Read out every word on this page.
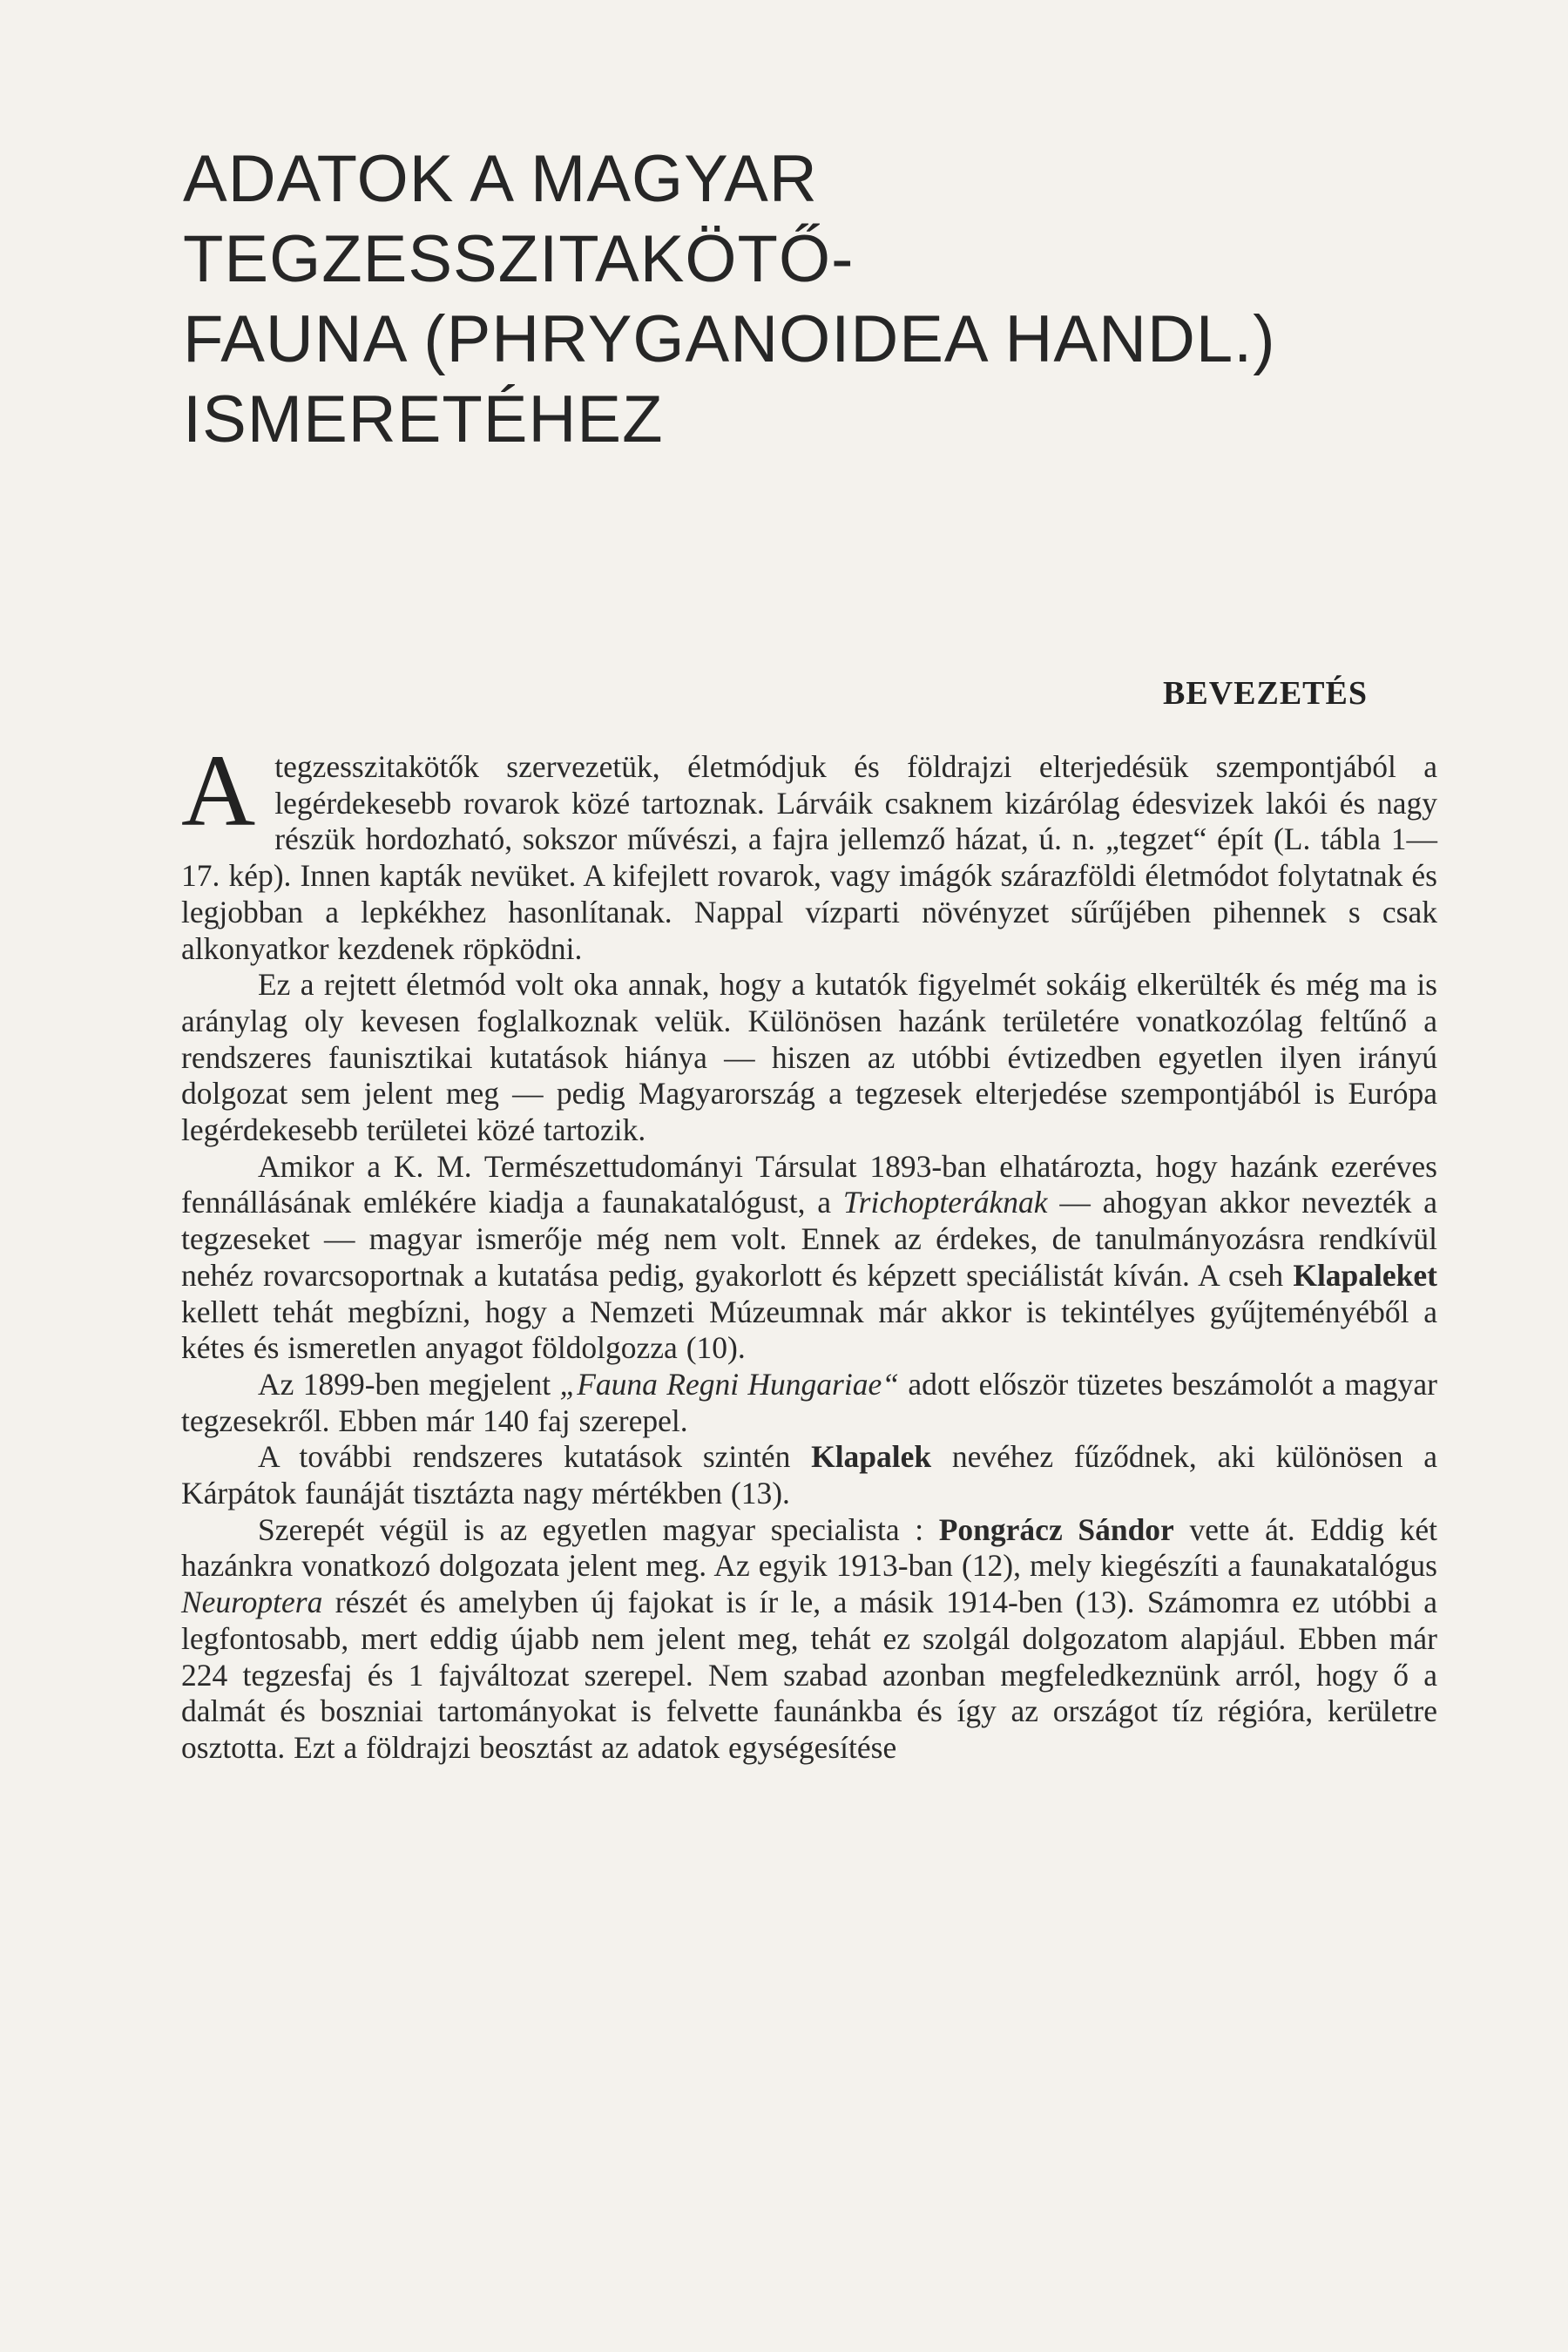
ADATOK A MAGYAR TEGZESSZITAKÖTŐ-
FAUNA (PHRYGANOIDEA HANDL.)
ISMERETÉHEZ
BEVEZETÉS

A tegzesszitakötők szervezetük, életmódjuk és földrajzi elterjedésük szempontjából a legérdekesebb rovarok közé tartoznak. Lárváik csaknem kizárólag édesvizek lakói és nagy részük hordozható, sokszor művészi, a fajra jellemző házat, ú. n. „tegzet“ épít (L. tábla 1—17. kép). Innen kapták nevüket. A kifejlett rovarok, vagy imágók szárazföldi életmódot folytatnak és legjobban a lepkékhez hasonlítanak. Nappal vízparti növényzet sűrűjében pihennek s csak alkonyatkor kezdenek röpködni.

Ez a rejtett életmód volt oka annak, hogy a kutatók figyelmét sokáig elkerülték és még ma is aránylag oly kevesen foglalkoznak velük. Különösen hazánk területére vonatkozólag feltűnő a rendszeres faunisztikai kutatások hiánya — hiszen az utóbbi évtizedben egyetlen ilyen irányú dolgozat sem jelent meg — pedig Magyarország a tegzesek elterjedése szempontjából is Európa legérdekesebb területei közé tartozik.

Amikor a K. M. Természettudományi Társulat 1893-ban elhatározta, hogy hazánk ezeréves fennállásának emlékére kiadja a faunakatalógust, a Trichopteráknak — ahogyan akkor nevezték a tegzeseket — magyar ismerője még nem volt. Ennek az érdekes, de tanulmányozásra rendkívül nehéz rovarcsoportnak a kutatása pedig, gyakorlott és képzett speciálistát kíván. A cseh Klapaleket kellett tehát megbízni, hogy a Nemzeti Múzeumnak már akkor is tekintélyes gyűjteményéből a kétes és ismeretlen anyagot földolgozza (10).

Az 1899-ben megjelent „Fauna Regni Hungariae“ adott először tüzetes beszámolót a magyar tegzesekről. Ebben már 140 faj szerepel.

A további rendszeres kutatások szintén Klapalek nevéhez fűződnek, aki különösen a Kárpátok faunáját tisztázta nagy mértékben (13).

Szerepét végül is az egyetlen magyar specialista : Pongrácz Sándor vette át. Eddig két hazánkra vonatkozó dolgozata jelent meg. Az egyik 1913-ban (12), mely kiegészíti a faunakatalógus Neuroptera részét és amelyben új fajokat is ír le, a másik 1914-ben (13). Számomra ez utóbbi a legfontosabb, mert eddig újabb nem jelent meg, tehát ez szolgál dolgozatom alapjául. Ebben már 224 tegzesfaj és 1 fajváltozat szerepel. Nem szabad azonban megfeledkeznünk arról, hogy ő a dalmát és boszniai tartományokat is felvette faunánkba és így az országot tíz régióra, kerületre osztotta. Ezt a földrajzi beosztást az adatok egységesítése
